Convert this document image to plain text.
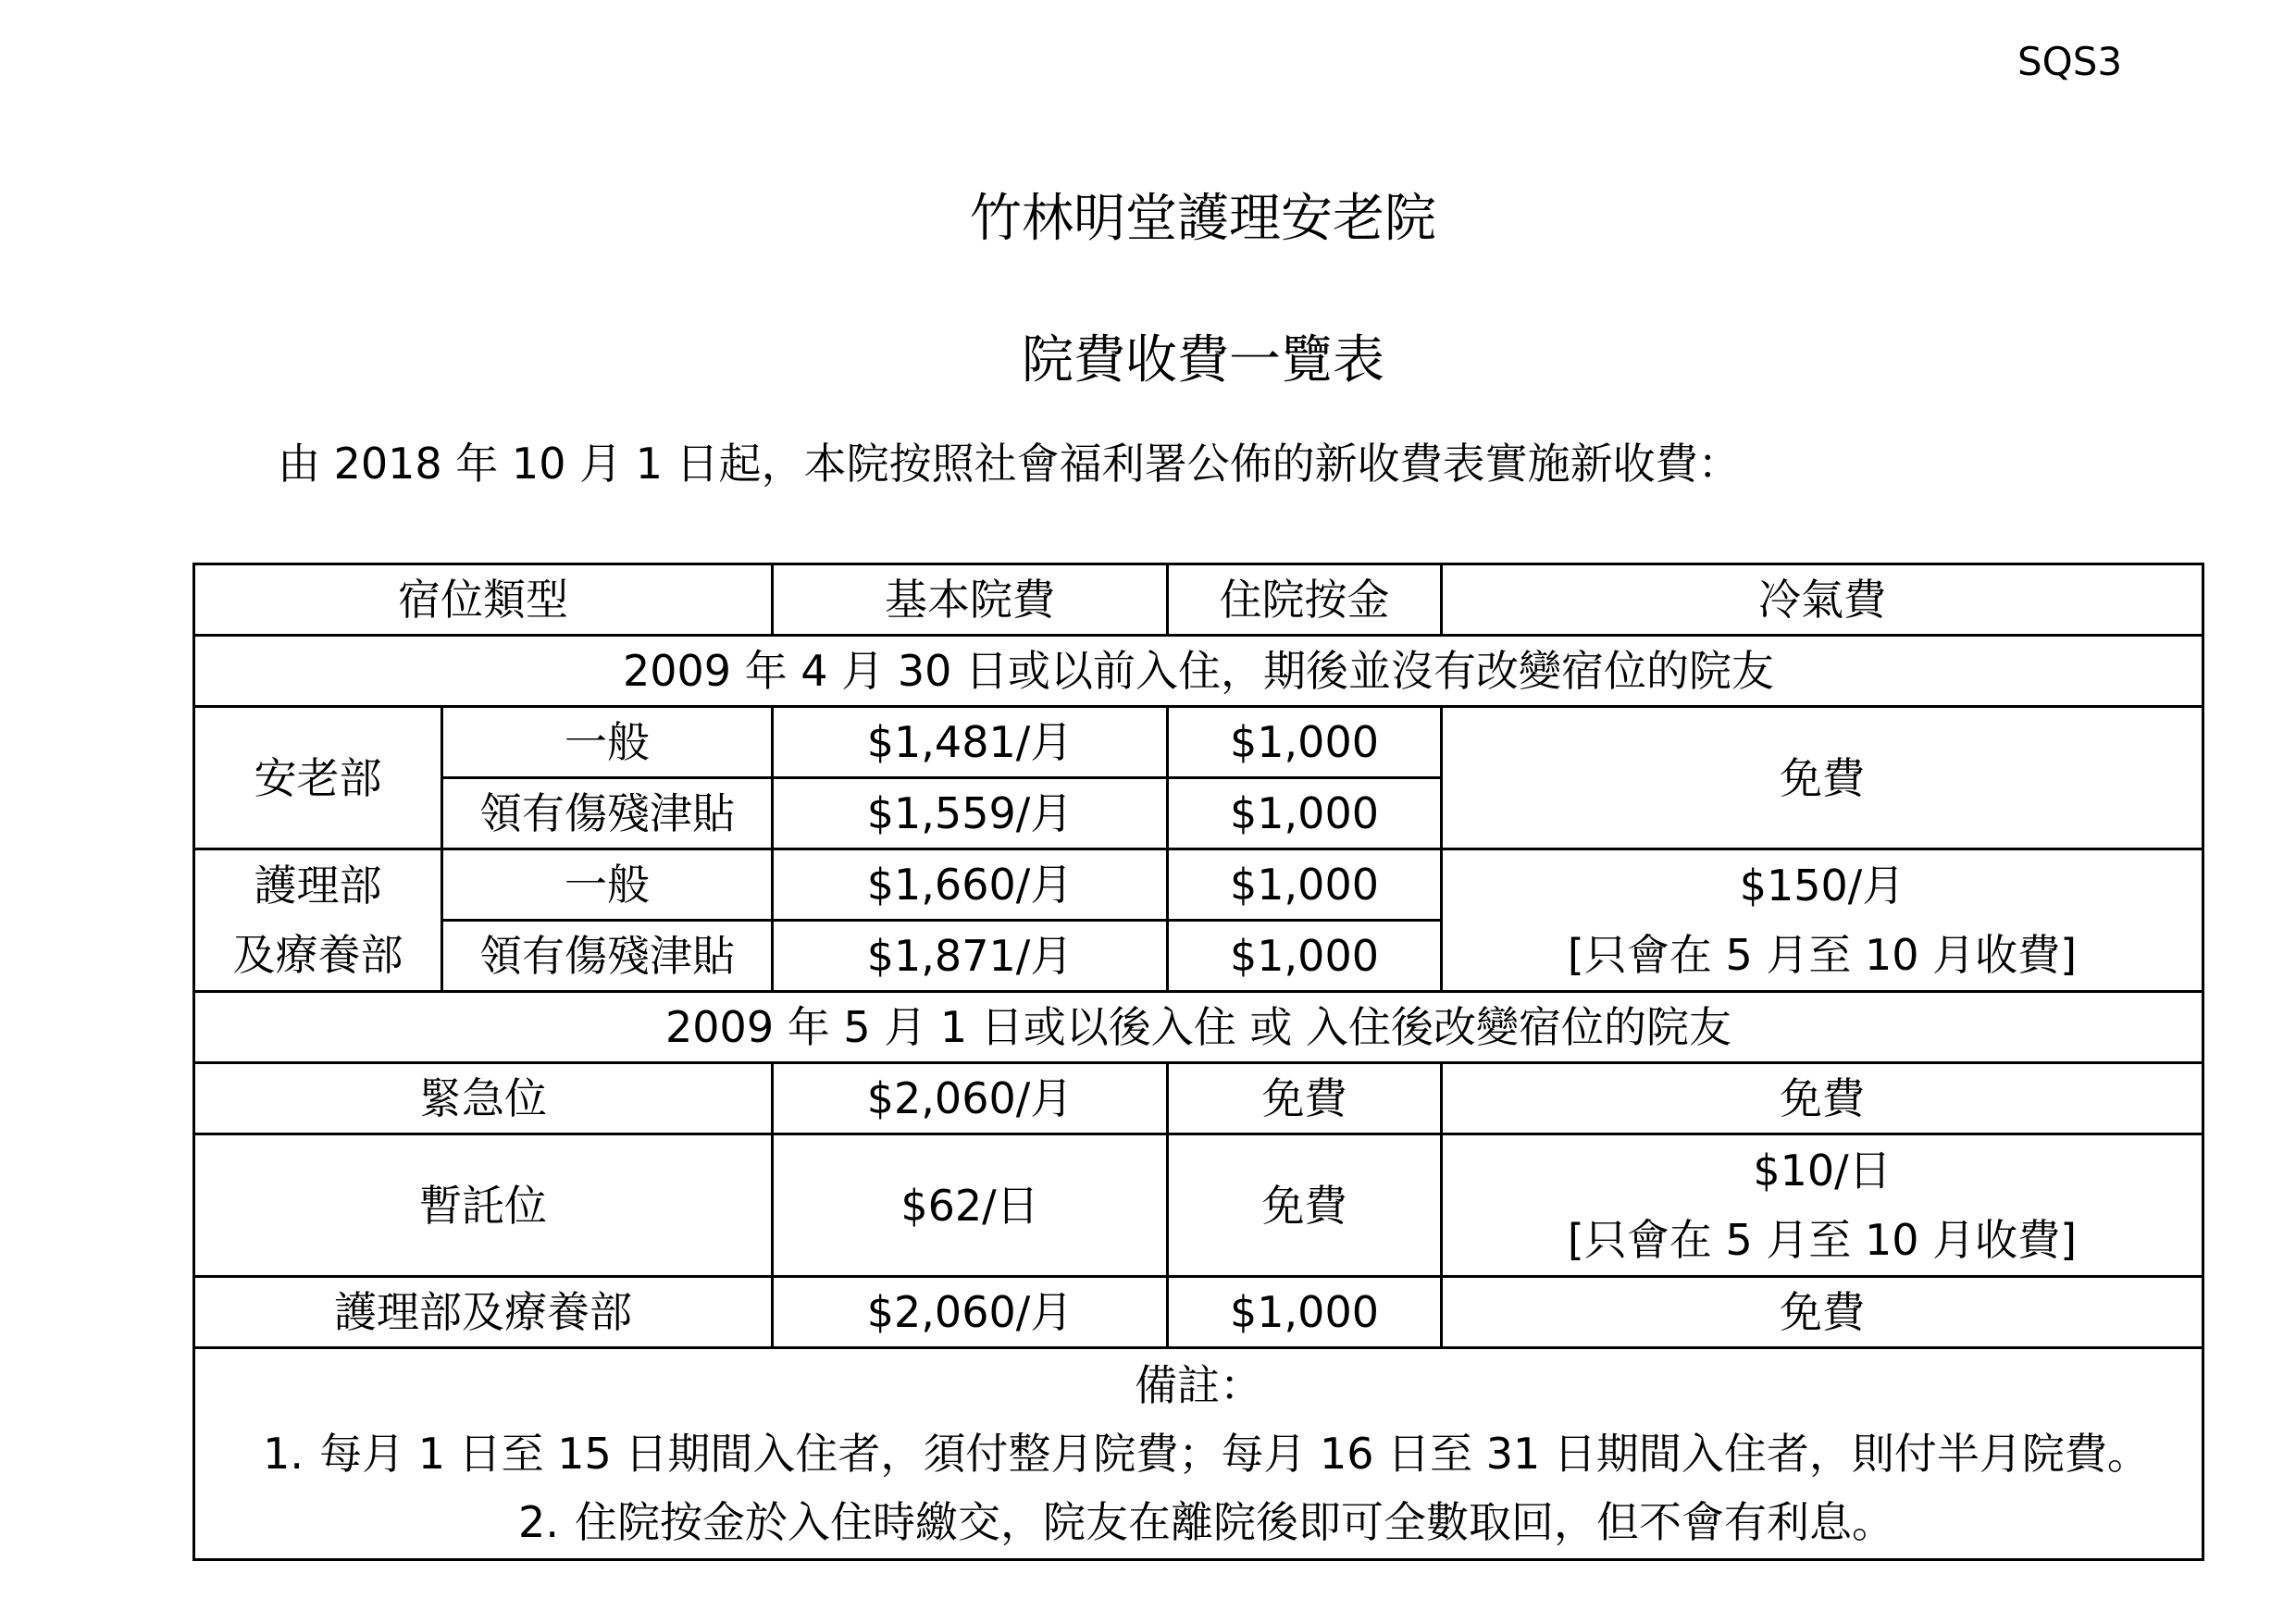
SQS3
竹林明堂護理安老院
院費收費一覽表
由 2018 年 10 月 1 日起，本院按照社會福利署公佈的新收費表實施新收費：
宿位類型		基本院費	住院按金	冷氣費
2009 年 4 月 30 日或以前入住，期後並沒有改變宿位的院友				
安老部	一般	$1,481/月	$1,000	免費
	領有傷殘津貼	$1,559/月	$1,000	
護理部	一般	$1,660/月	$1,000	$150/月
及療養部	領有傷殘津貼	$1,871/月	$1,000	[只會在 5 月至 10 月收費]
2009 年 5 月 1 日或以後入住 或 入住後改變宿位的院友				
緊急位		$2,060/月	免費	免費
暫託位		$62/日	免費	$10/日
[只會在 5 月至 10 月收費]

護理部及療養部		$2,060/月	$1,000	免費

備註：
1. 每月 1 日至 15 日期間入住者，須付整月院費；每月 16 日至 31 日期間入住者，則付半月院費。
2. 住院按金於入住時繳交，院友在離院後即可全數取回，但不會有利息。				
